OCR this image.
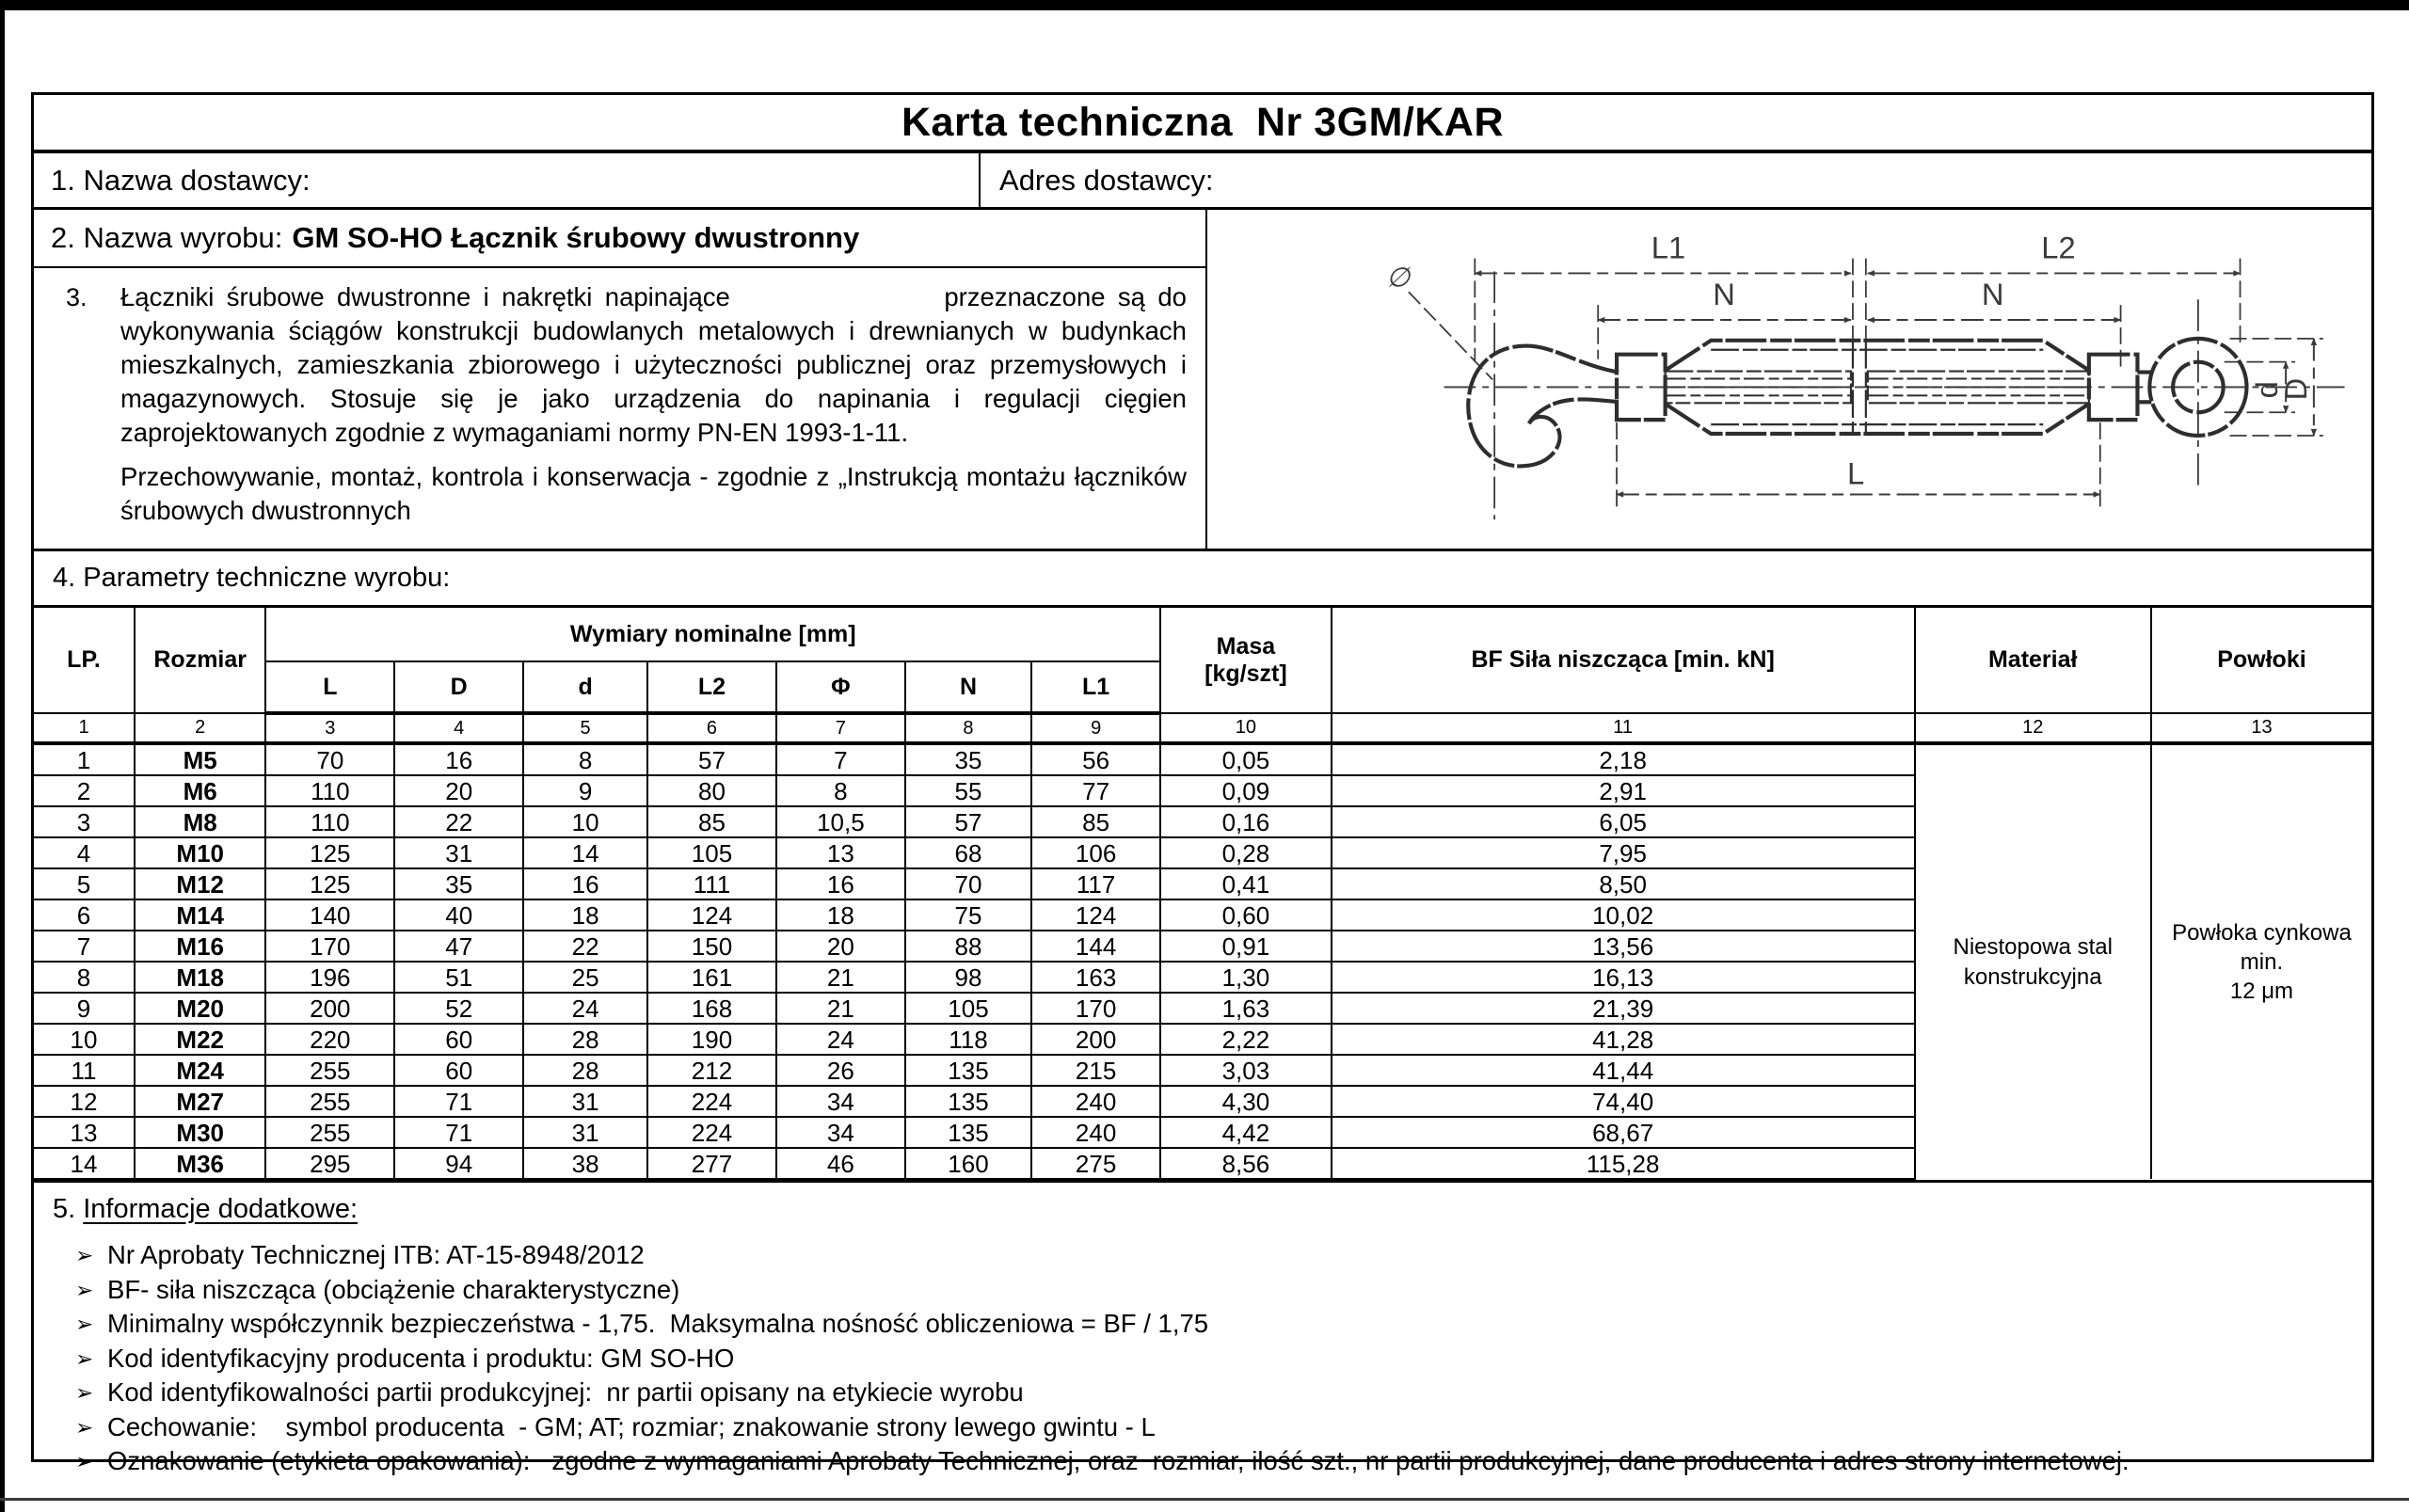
Karta techniczna  Nr 3GM/KAR
1. Nazwa dostawcy:	Adres dostawcy:
2. Nazwa wyrobu: GM SO-HO Łącznik śrubowy dwustronny
3.	Łączniki śrubowe dwustronne i nakrętki napinające                 przeznaczone są do wykonywania ściągów konstrukcji budowlanych metalowych i drewnianych w budynkach mieszkalnych, zamieszkania zbiorowego i użyteczności publicznej oraz przemysłowych i magazynowych. Stosuje się je jako urządzenia do napinania i regulacji cięgien zaprojektowanych zgodnie z wymaganiami normy PN-EN 1993-1-11.

Przechowywanie, montaż, kontrola i konserwacja - zgodnie z „Instrukcją montażu łączników śrubowych dwustronnych

L1	L2
N	N
L
d
D
∅
4. Parametry techniczne wyrobu:
LP.	Rozmiar	Wymiary nominalne [mm]							Masa
[kg/szt]	BF Siła niszcząca [min. kN]	Materiał	Powłoki
		L	D	d	L2	Φ	N	L1				
1	2	3	4	5	6	7	8	9	10	11	12	13
1	M5	70	16	8	57	7	35	56	0,05	2,18	Niestopowa stal konstrukcyjna	Powłoka cynkowa min.
12 μm

2	M6	110	20	9	80	8	55	77	0,09	2,91		
3	M8	110	22	10	85	10,5	57	85	0,16	6,05		
4	M10	125	31	14	105	13	68	106	0,28	7,95		
5	M12	125	35	16	111	16	70	117	0,41	8,50		
6	M14	140	40	18	124	18	75	124	0,60	10,02		
7	M16	170	47	22	150	20	88	144	0,91	13,56		
8	M18	196	51	25	161	21	98	163	1,30	16,13		
9	M20	200	52	24	168	21	105	170	1,63	21,39		
10	M22	220	60	28	190	24	118	200	2,22	41,28		
11	M24	255	60	28	212	26	135	215	3,03	41,44		
12	M27	255	71	31	224	34	135	240	4,30	74,40		
13	M30	255	71	31	224	34	135	240	4,42	68,67		
14	M36	295	94	38	277	46	160	275	8,56	115,28		
5. Informacje dodatkowe:
➢ Nr Aprobaty Technicznej ITB: AT-15-8948/2012
➢ BF- siła niszcząca (obciążenie charakterystyczne)
➢ Minimalny współczynnik bezpieczeństwa - 1,75.  Maksymalna nośność obliczeniowa = BF / 1,75
➢ Kod identyfikacyjny producenta i produktu: GM SO-HO
➢ Kod identyfikowalności partii produkcyjnej:  nr partii opisany na etykiecie wyrobu
➢ Cechowanie:    symbol producenta  - GM; AT; rozmiar; znakowanie strony lewego gwintu - L
➢ Oznakowanie (etykieta opakowania):   zgodne z wymaganiami Aprobaty Technicznej, oraz  rozmiar, ilość szt., nr partii produkcyjnej, dane producenta i adres strony internetowej.
